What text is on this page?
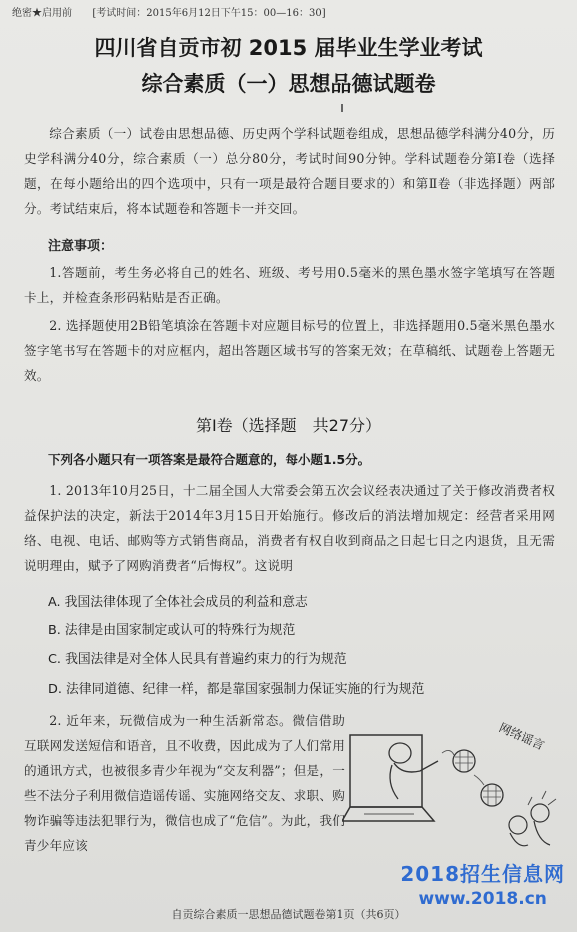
绝密★启用前 [考试时间：2015年6月12日下午15：00—16：30]
四川省自贡市初 2015 届毕业生学业考试
综合素质（一）思想品德试题卷
综合素质（一）试卷由思想品德、历史两个学科试题卷组成，思想品德学科满分40分，历史学科满分40分，综合素质（一）总分80分，考试时间90分钟。学科试题卷分第Ⅰ卷（选择题，在每小题给出的四个选项中，只有一项是最符合题目要求的）和第Ⅱ卷（非选择题）两部分。考试结束后，将本试题卷和答题卡一并交回。
注意事项：
1.答题前，考生务必将自己的姓名、班级、考号用0.5毫米的黑色墨水签字笔填写在答题卡上，并检查条形码粘贴是否正确。
2. 选择题使用2B铅笔填涂在答题卡对应题目标号的位置上，非选择题用0.5毫米黑色墨水签字笔书写在答题卡的对应框内，超出答题区域书写的答案无效；在草稿纸、试题卷上答题无效。
第Ⅰ卷（选择题　共27分）
下列各小题只有一项答案是最符合题意的，每小题1.5分。
1. 2013年10月25日，十二届全国人大常委会第五次会议经表决通过了关于修改消费者权益保护法的决定，新法于2014年3月15日开始施行。修改后的消法增加规定：经营者采用网络、电视、电话、邮购等方式销售商品，消费者有权自收到商品之日起七日之内退货，且无需说明理由，赋予了网购消费者“后悔权”。这说明
A. 我国法律体现了全体社会成员的利益和意志
B. 法律是由国家制定或认可的特殊行为规范
C. 我国法律是对全体人民具有普遍约束力的行为规范
D. 法律同道德、纪律一样，都是靠国家强制力保证实施的行为规范
2. 近年来，玩微信成为一种生活新常态。微信借助互联网发送短信和语音，且不收费，因此成为了人们常用的通讯方式，也被很多青少年视为“交友利器”；但是，一些不法分子利用微信造谣传谣、实施网络交友、求职、购物诈骗等违法犯罪行为，微信也成了“危信”。为此，我们青少年应该
网络谣言
2018招生信息网
www.2018.cn
自贡综合素质一思想品德试题卷第1页（共6页）
